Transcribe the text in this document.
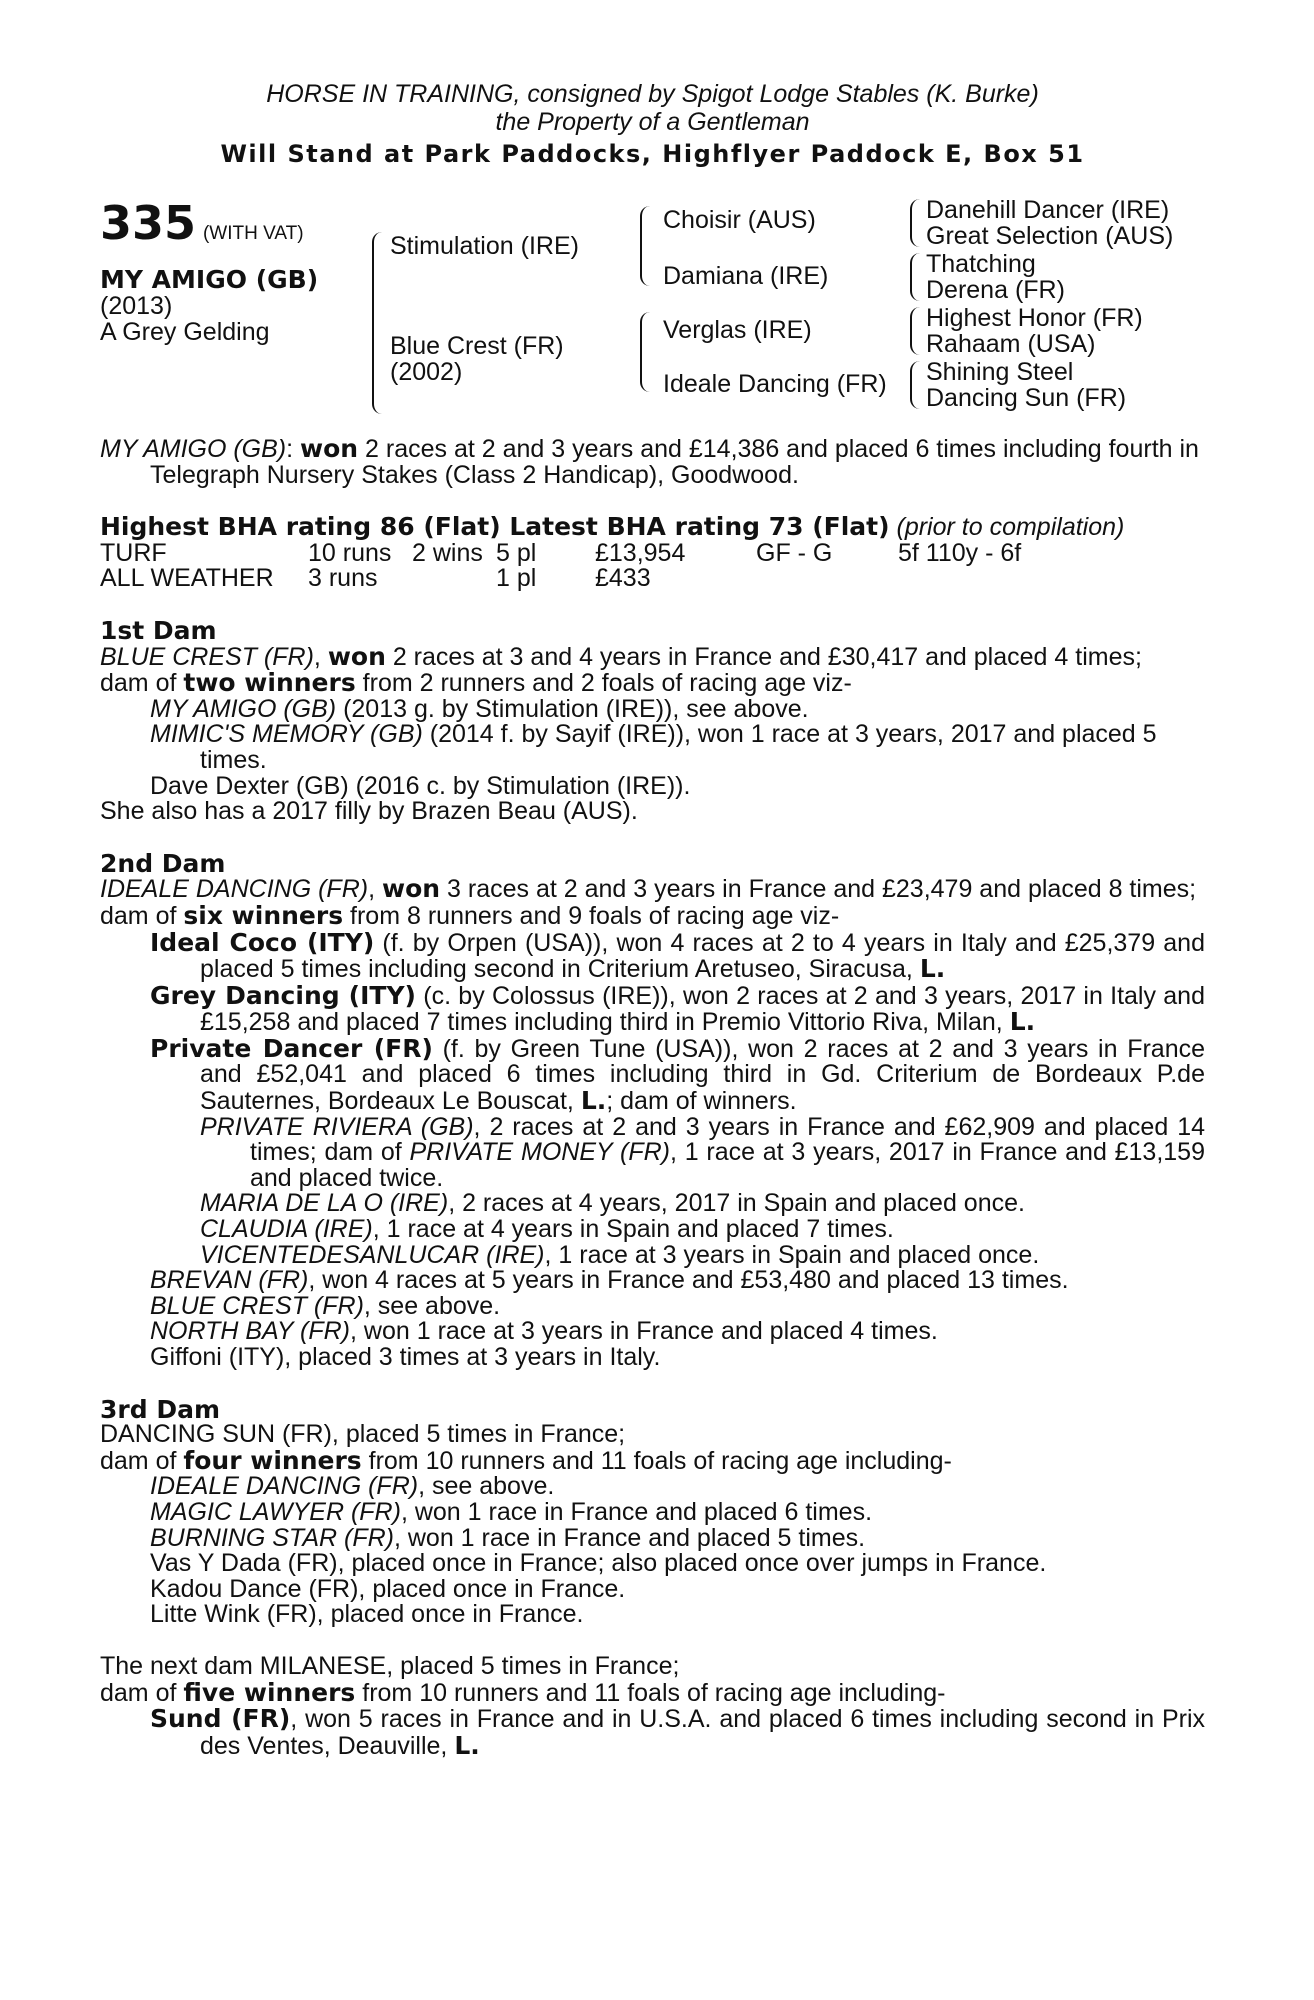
HORSE IN TRAINING, consigned by Spigot Lodge Stables (K. Burke)
the Property of a Gentleman
Will Stand at Park Paddocks, Highflyer Paddock E, Box 51
335 (WITH VAT)
MY AMIGO (GB)
(2013)
A Grey Gelding
Stimulation (IRE)
Blue Crest (FR)
(2002)
Choisir (AUS)
Damiana (IRE)
Verglas (IRE)
Ideale Dancing (FR)
Danehill Dancer (IRE)
Great Selection (AUS)
Thatching
Derena (FR)
Highest Honor (FR)
Rahaam (USA)
Shining Steel
Dancing Sun (FR)

MY AMIGO (GB): won 2 races at 2 and 3 years and £14,386 and placed 6 times including fourth in Telegraph Nursery Stakes (Class 2 Handicap), Goodwood.

Highest BHA rating 86 (Flat) Latest BHA rating 73 (Flat) (prior to compilation)

TURF	10 runs	2 wins	5 pl	£13,954	GF - G	5f 110y - 6f
ALL WEATHER	3 runs		1 pl	£433		

1st Dam

BLUE CREST (FR), won 2 races at 3 and 4 years in France and £30,417 and placed 4 times;

dam of two winners from 2 runners and 2 foals of racing age viz-

MY AMIGO (GB) (2013 g. by Stimulation (IRE)), see above.

MIMIC'S MEMORY (GB) (2014 f. by Sayif (IRE)), won 1 race at 3 years, 2017 and placed 5 times.

Dave Dexter (GB) (2016 c. by Stimulation (IRE)).

She also has a 2017 filly by Brazen Beau (AUS).

2nd Dam

IDEALE DANCING (FR), won 3 races at 2 and 3 years in France and £23,479 and placed 8 times;

dam of six winners from 8 runners and 9 foals of racing age viz-

Ideal Coco (ITY) (f. by Orpen (USA)), won 4 races at 2 to 4 years in Italy and £25,379 and placed 5 times including second in Criterium Aretuseo, Siracusa, L.

Grey Dancing (ITY) (c. by Colossus (IRE)), won 2 races at 2 and 3 years, 2017 in Italy and £15,258 and placed 7 times including third in Premio Vittorio Riva, Milan, L.

Private Dancer (FR) (f. by Green Tune (USA)), won 2 races at 2 and 3 years in France and £52,041 and placed 6 times including third in Gd. Criterium de Bordeaux P.de Sauternes, Bordeaux Le Bouscat, L.; dam of winners.

PRIVATE RIVIERA (GB), 2 races at 2 and 3 years in France and £62,909 and placed 14 times; dam of PRIVATE MONEY (FR), 1 race at 3 years, 2017 in France and £13,159 and placed twice.

MARIA DE LA O (IRE), 2 races at 4 years, 2017 in Spain and placed once.

CLAUDIA (IRE), 1 race at 4 years in Spain and placed 7 times.

VICENTEDESANLUCAR (IRE), 1 race at 3 years in Spain and placed once.

BREVAN (FR), won 4 races at 5 years in France and £53,480 and placed 13 times.

BLUE CREST (FR), see above.

NORTH BAY (FR), won 1 race at 3 years in France and placed 4 times.

Giffoni (ITY), placed 3 times at 3 years in Italy.

3rd Dam

DANCING SUN (FR), placed 5 times in France;

dam of four winners from 10 runners and 11 foals of racing age including-

IDEALE DANCING (FR), see above.

MAGIC LAWYER (FR), won 1 race in France and placed 6 times.

BURNING STAR (FR), won 1 race in France and placed 5 times.

Vas Y Dada (FR), placed once in France; also placed once over jumps in France.

Kadou Dance (FR), placed once in France.

Litte Wink (FR), placed once in France.

The next dam MILANESE, placed 5 times in France;

dam of five winners from 10 runners and 11 foals of racing age including-

Sund (FR), won 5 races in France and in U.S.A. and placed 6 times including second in Prix des Ventes, Deauville, L.
